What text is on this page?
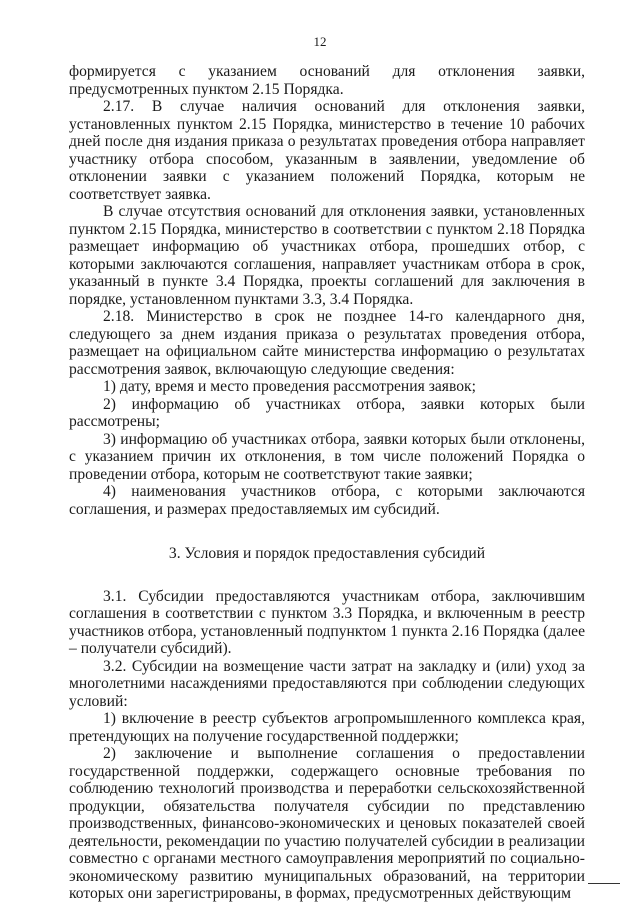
12

формируется с указанием оснований для отклонения заявки, предусмотренных пунктом 2.15 Порядка.

2.17. В случае наличия оснований для отклонения заявки, установленных пунктом 2.15 Порядка, министерство в течение 10 рабочих дней после дня издания приказа о результатах проведения отбора направляет участнику отбора способом, указанным в заявлении, уведомление об отклонении заявки с указанием положений Порядка, которым не соответствует заявка.

В случае отсутствия оснований для отклонения заявки, установленных пунктом 2.15 Порядка, министерство в соответствии с пунктом 2.18 Порядка размещает информацию об участниках отбора, прошедших отбор, с которыми заключаются соглашения, направляет участникам отбора в срок, указанный в пункте 3.4 Порядка, проекты соглашений для заключения в порядке, установленном пунктами 3.3, 3.4 Порядка.

2.18. Министерство в срок не позднее 14-го календарного дня, следующего за днем издания приказа о результатах проведения отбора, размещает на официальном сайте министерства информацию о результатах рассмотрения заявок, включающую следующие сведения:

1) дату, время и место проведения рассмотрения заявок;

2) информацию об участниках отбора, заявки которых были рассмотрены;

3) информацию об участниках отбора, заявки которых были отклонены, с указанием причин их отклонения, в том числе положений Порядка о проведении отбора, которым не соответствуют такие заявки;

4) наименования участников отбора, с которыми заключаются соглашения, и размерах предоставляемых им субсидий.

3. Условия и порядок предоставления субсидий

3.1. Субсидии предоставляются участникам отбора, заключившим соглашения в соответствии с пунктом 3.3 Порядка, и включенным в реестр участников отбора, установленный подпунктом 1 пункта 2.16 Порядка (далее – получатели субсидий).

3.2. Субсидии на возмещение части затрат на закладку и (или) уход за многолетними насаждениями предоставляются при соблюдении следующих условий:

1) включение в реестр субъектов агропромышленного комплекса края, претендующих на получение государственной поддержки;

2) заключение и выполнение соглашения о предоставлении государственной поддержки, содержащего основные требования по соблюдению технологий производства и переработки сельскохозяйственной продукции, обязательства получателя субсидии по представлению производственных, финансово-экономических и ценовых показателей своей деятельности, рекомендации по участию получателей субсидии в реализации совместно с органами местного самоуправления мероприятий по социально-экономическому развитию муниципальных образований, на территории которых они зарегистрированы, в формах, предусмотренных действующим
